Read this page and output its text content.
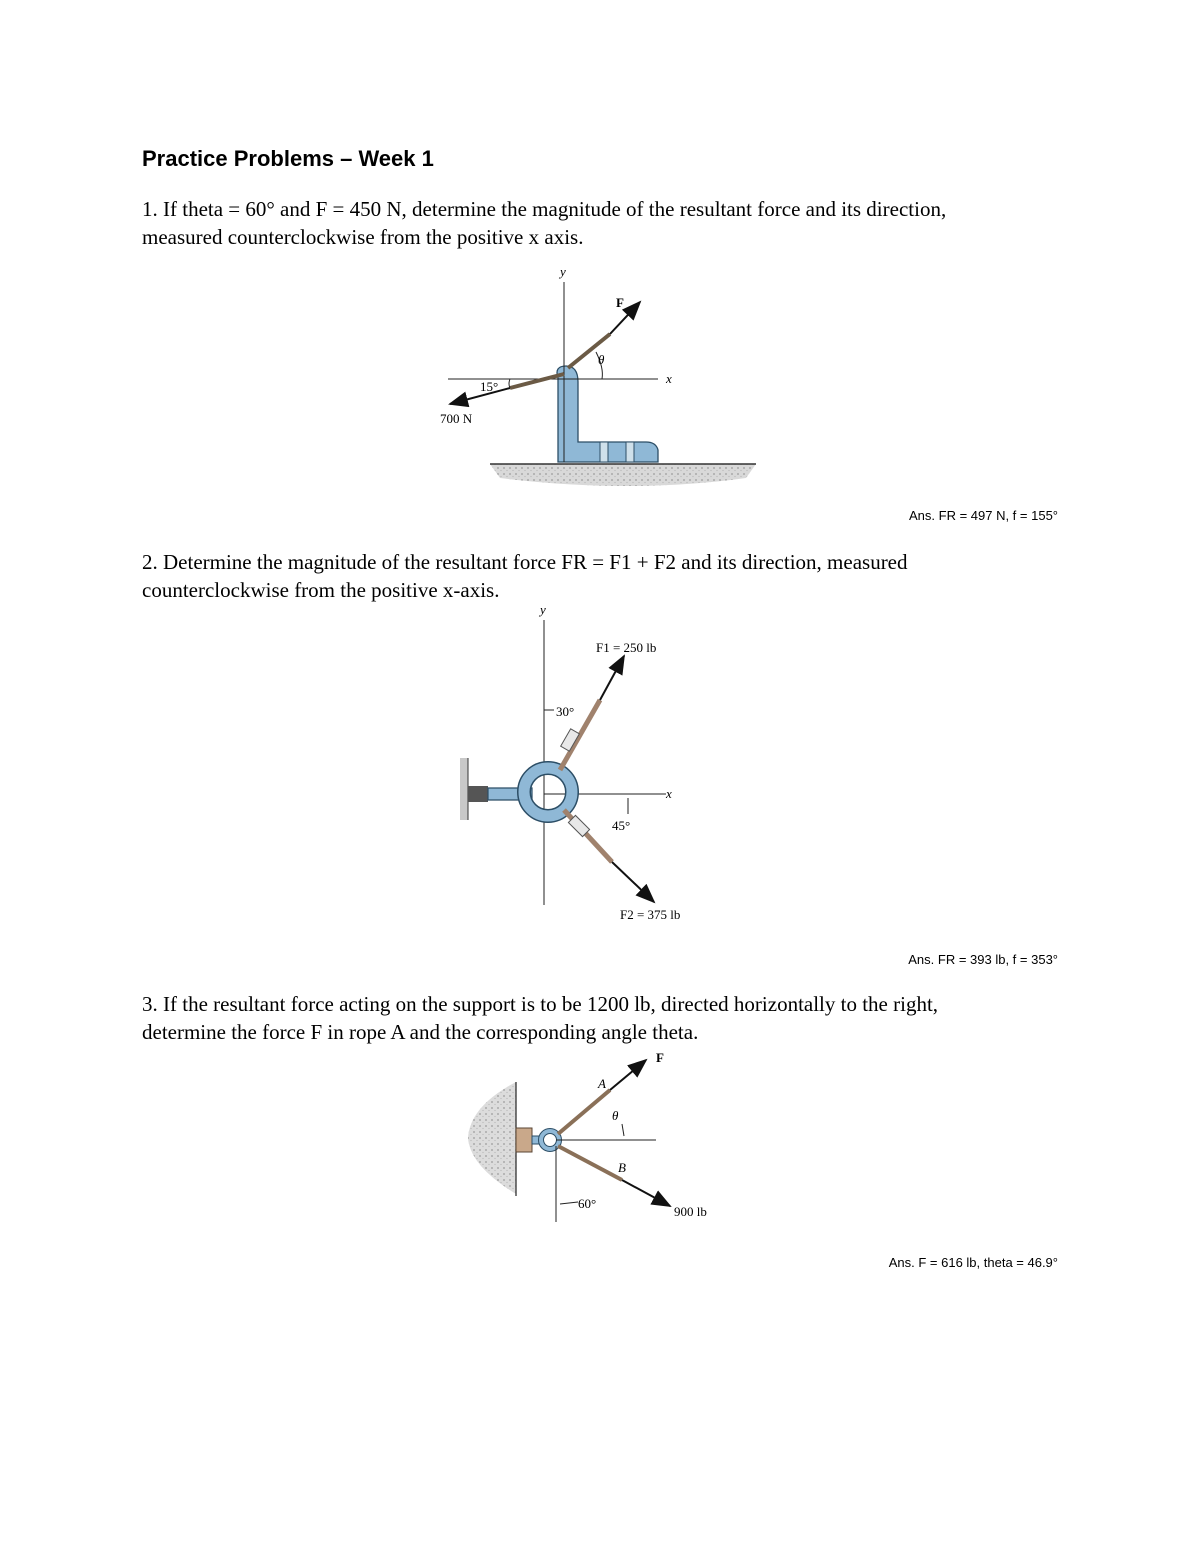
Practice Problems – Week 1
1. If theta = 60° and F = 450 N, determine the magnitude of the resultant force and its direction,
measured counterclockwise from the positive x axis.
y
x
F
θ
15°
700 N
Ans. FR = 497 N, f = 155°
2. Determine the magnitude of the resultant force FR = F1 + F2 and its direction, measured
counterclockwise from the positive x-axis.
y
x
F1 = 250 lb
F2 = 375 lb
30°
45°
Ans. FR = 393 lb, f = 353°
3. If the resultant force acting on the support is to be 1200 lb, directed horizontally to the right,
determine the force F in rope A and the corresponding angle theta.
F
A
θ
B
60°
900 lb
Ans. F = 616 lb, theta = 46.9°
